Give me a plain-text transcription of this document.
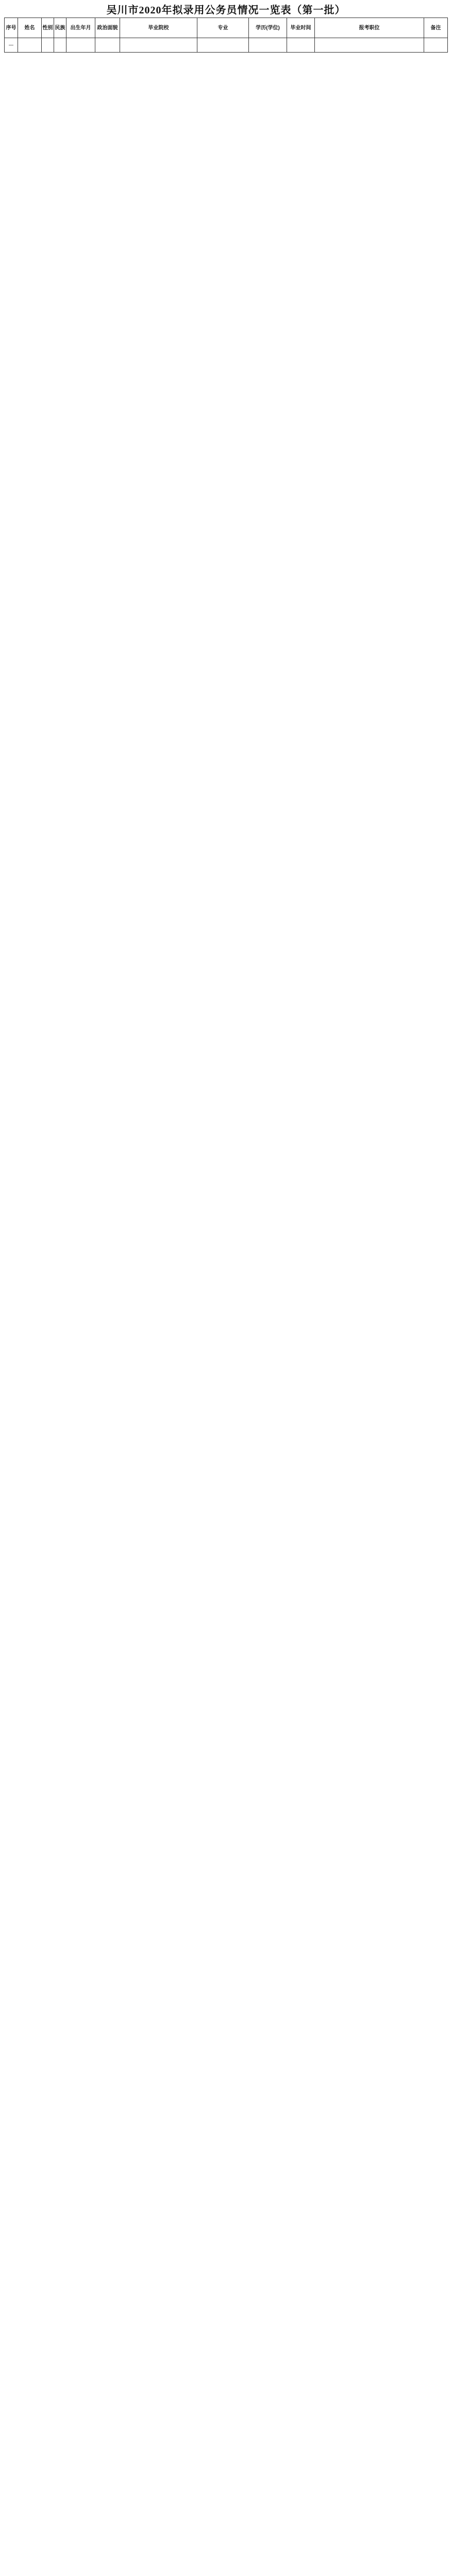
吴川市2020年拟录用公务员情况一览表（第一批）
序号	姓名	性别	民族	出生年月	政治面貌	毕业院校	专业	学历(学位)	毕业时间	报考职位	备注
—											
